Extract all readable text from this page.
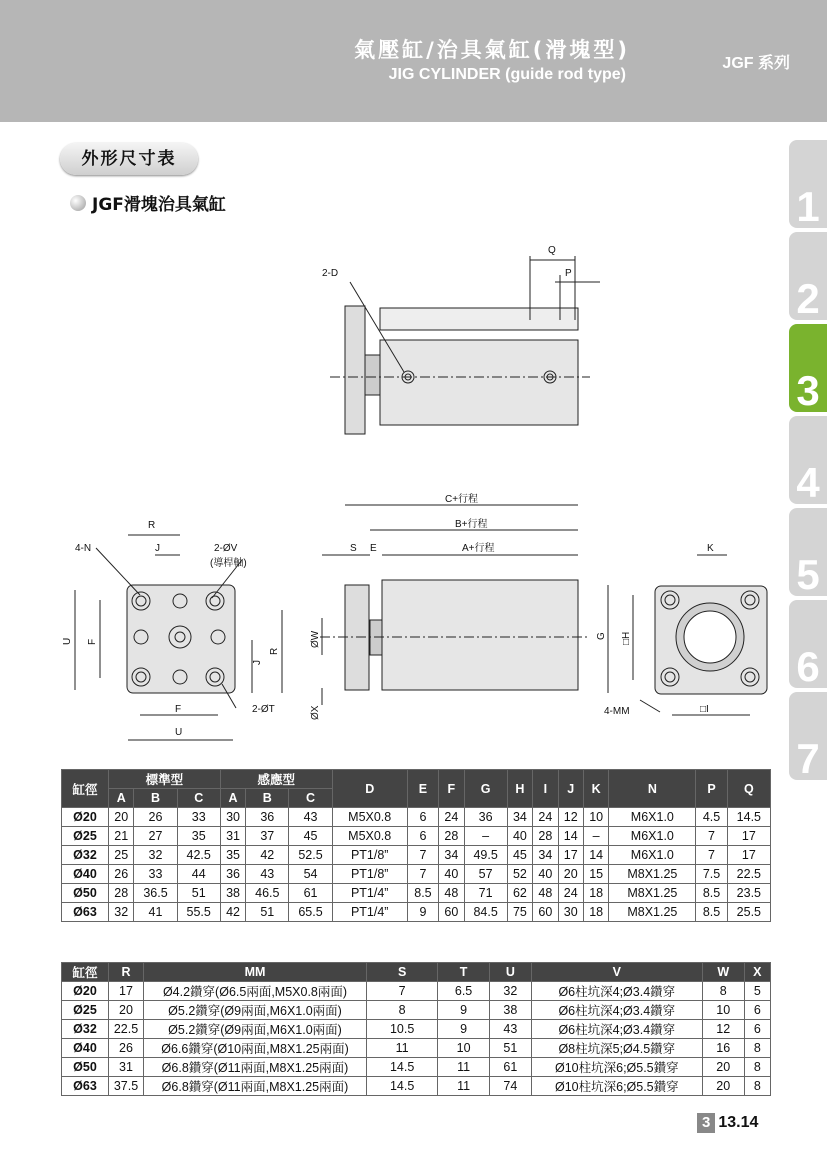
氣壓缸/治具氣缸(滑塊型)
JIG CYLINDER (guide rod type)
JGF 系列
外形尺寸表
JGF滑塊治具氣缸	1
2
3
4
5
6
7
2-D
Q
P
R
4-N	J	2-ØV
(導桿軸)
U F
J
R
2-ØT
F
U
C+行程
B+行程
A+行程
S E
ØW
ØX
K
G □H
4-MM	□I
缸徑	標準型			感應型			D	E	F	G	H	I	J	K	N	P	Q
	A	B	C	A	B	C											
Ø20	20	26	33	30	36	43	M5X0.8	6	24	36	34	24	12	10	M6X1.0	4.5	14.5
Ø25	21	27	35	31	37	45	M5X0.8	6	28	–	40	28	14	–	M6X1.0	7	17
Ø32	25	32	42.5	35	42	52.5	PT1/8”	7	34	49.5	45	34	17	14	M6X1.0	7	17
Ø40	26	33	44	36	43	54	PT1/8”	7	40	57	52	40	20	15	M8X1.25	7.5	22.5
Ø50	28	36.5	51	38	46.5	61	PT1/4”	8.5	48	71	62	48	24	18	M8X1.25	8.5	23.5
Ø63	32	41	55.5	42	51	65.5	PT1/4”	9	60	84.5	75	60	30	18	M8X1.25	8.5	25.5
缸徑	R	MM	S	T	U	V	W	X
Ø20	17	Ø4.2鑽穿(Ø6.5兩面,M5X0.8兩面)	7	6.5	32	Ø6柱坑深4;Ø3.4鑽穿	8	5
Ø25	20	Ø5.2鑽穿(Ø9兩面,M6X1.0兩面)	8	9	38	Ø6柱坑深4;Ø3.4鑽穿	10	6
Ø32	22.5	Ø5.2鑽穿(Ø9兩面,M6X1.0兩面)	10.5	9	43	Ø6柱坑深4;Ø3.4鑽穿	12	6
Ø40	26	Ø6.6鑽穿(Ø10兩面,M8X1.25兩面)	11	10	51	Ø8柱坑深5;Ø4.5鑽穿	16	8
Ø50	31	Ø6.8鑽穿(Ø11兩面,M8X1.25兩面)	14.5	11	61	Ø10柱坑深6;Ø5.5鑽穿	20	8
Ø63	37.5	Ø6.8鑽穿(Ø11兩面,M8X1.25兩面)	14.5	11	74	Ø10柱坑深6;Ø5.5鑽穿	20	8
3 13.14
